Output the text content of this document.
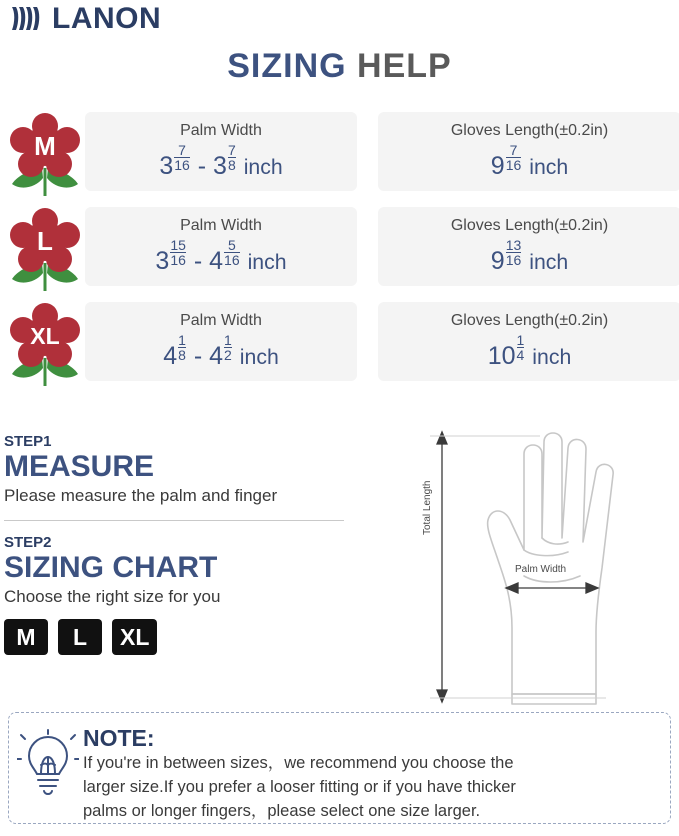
LANON
SIZING HELP
M
Palm Width
$3 \frac{7}{16} - 3 \frac{7}{8}$ inch
Gloves Length(±0.2in)
$9 \frac{7}{16}$ inch
L
Palm Width
$3 \frac{15}{16} - 4 \frac{5}{16}$ inch
Gloves Length(±0.2in)
$9 \frac{13}{16}$ inch
XL
Palm Width
$4 \frac{1}{8} - 4 \frac{1}{2}$ inch
Gloves Length(±0.2in)
$10 \frac{1}{4}$ inch
STEP1
MEASURE
Please measure the palm and finger
STEP2
SIZING CHART
Choose the right size for you
M	L	XL
Total Length
Palm Width
NOTE:
If you're in between sizes，we recommend you choose the
larger size.If you prefer a looser fitting or if you have thicker
palms or longer fingers，please select one size larger.
